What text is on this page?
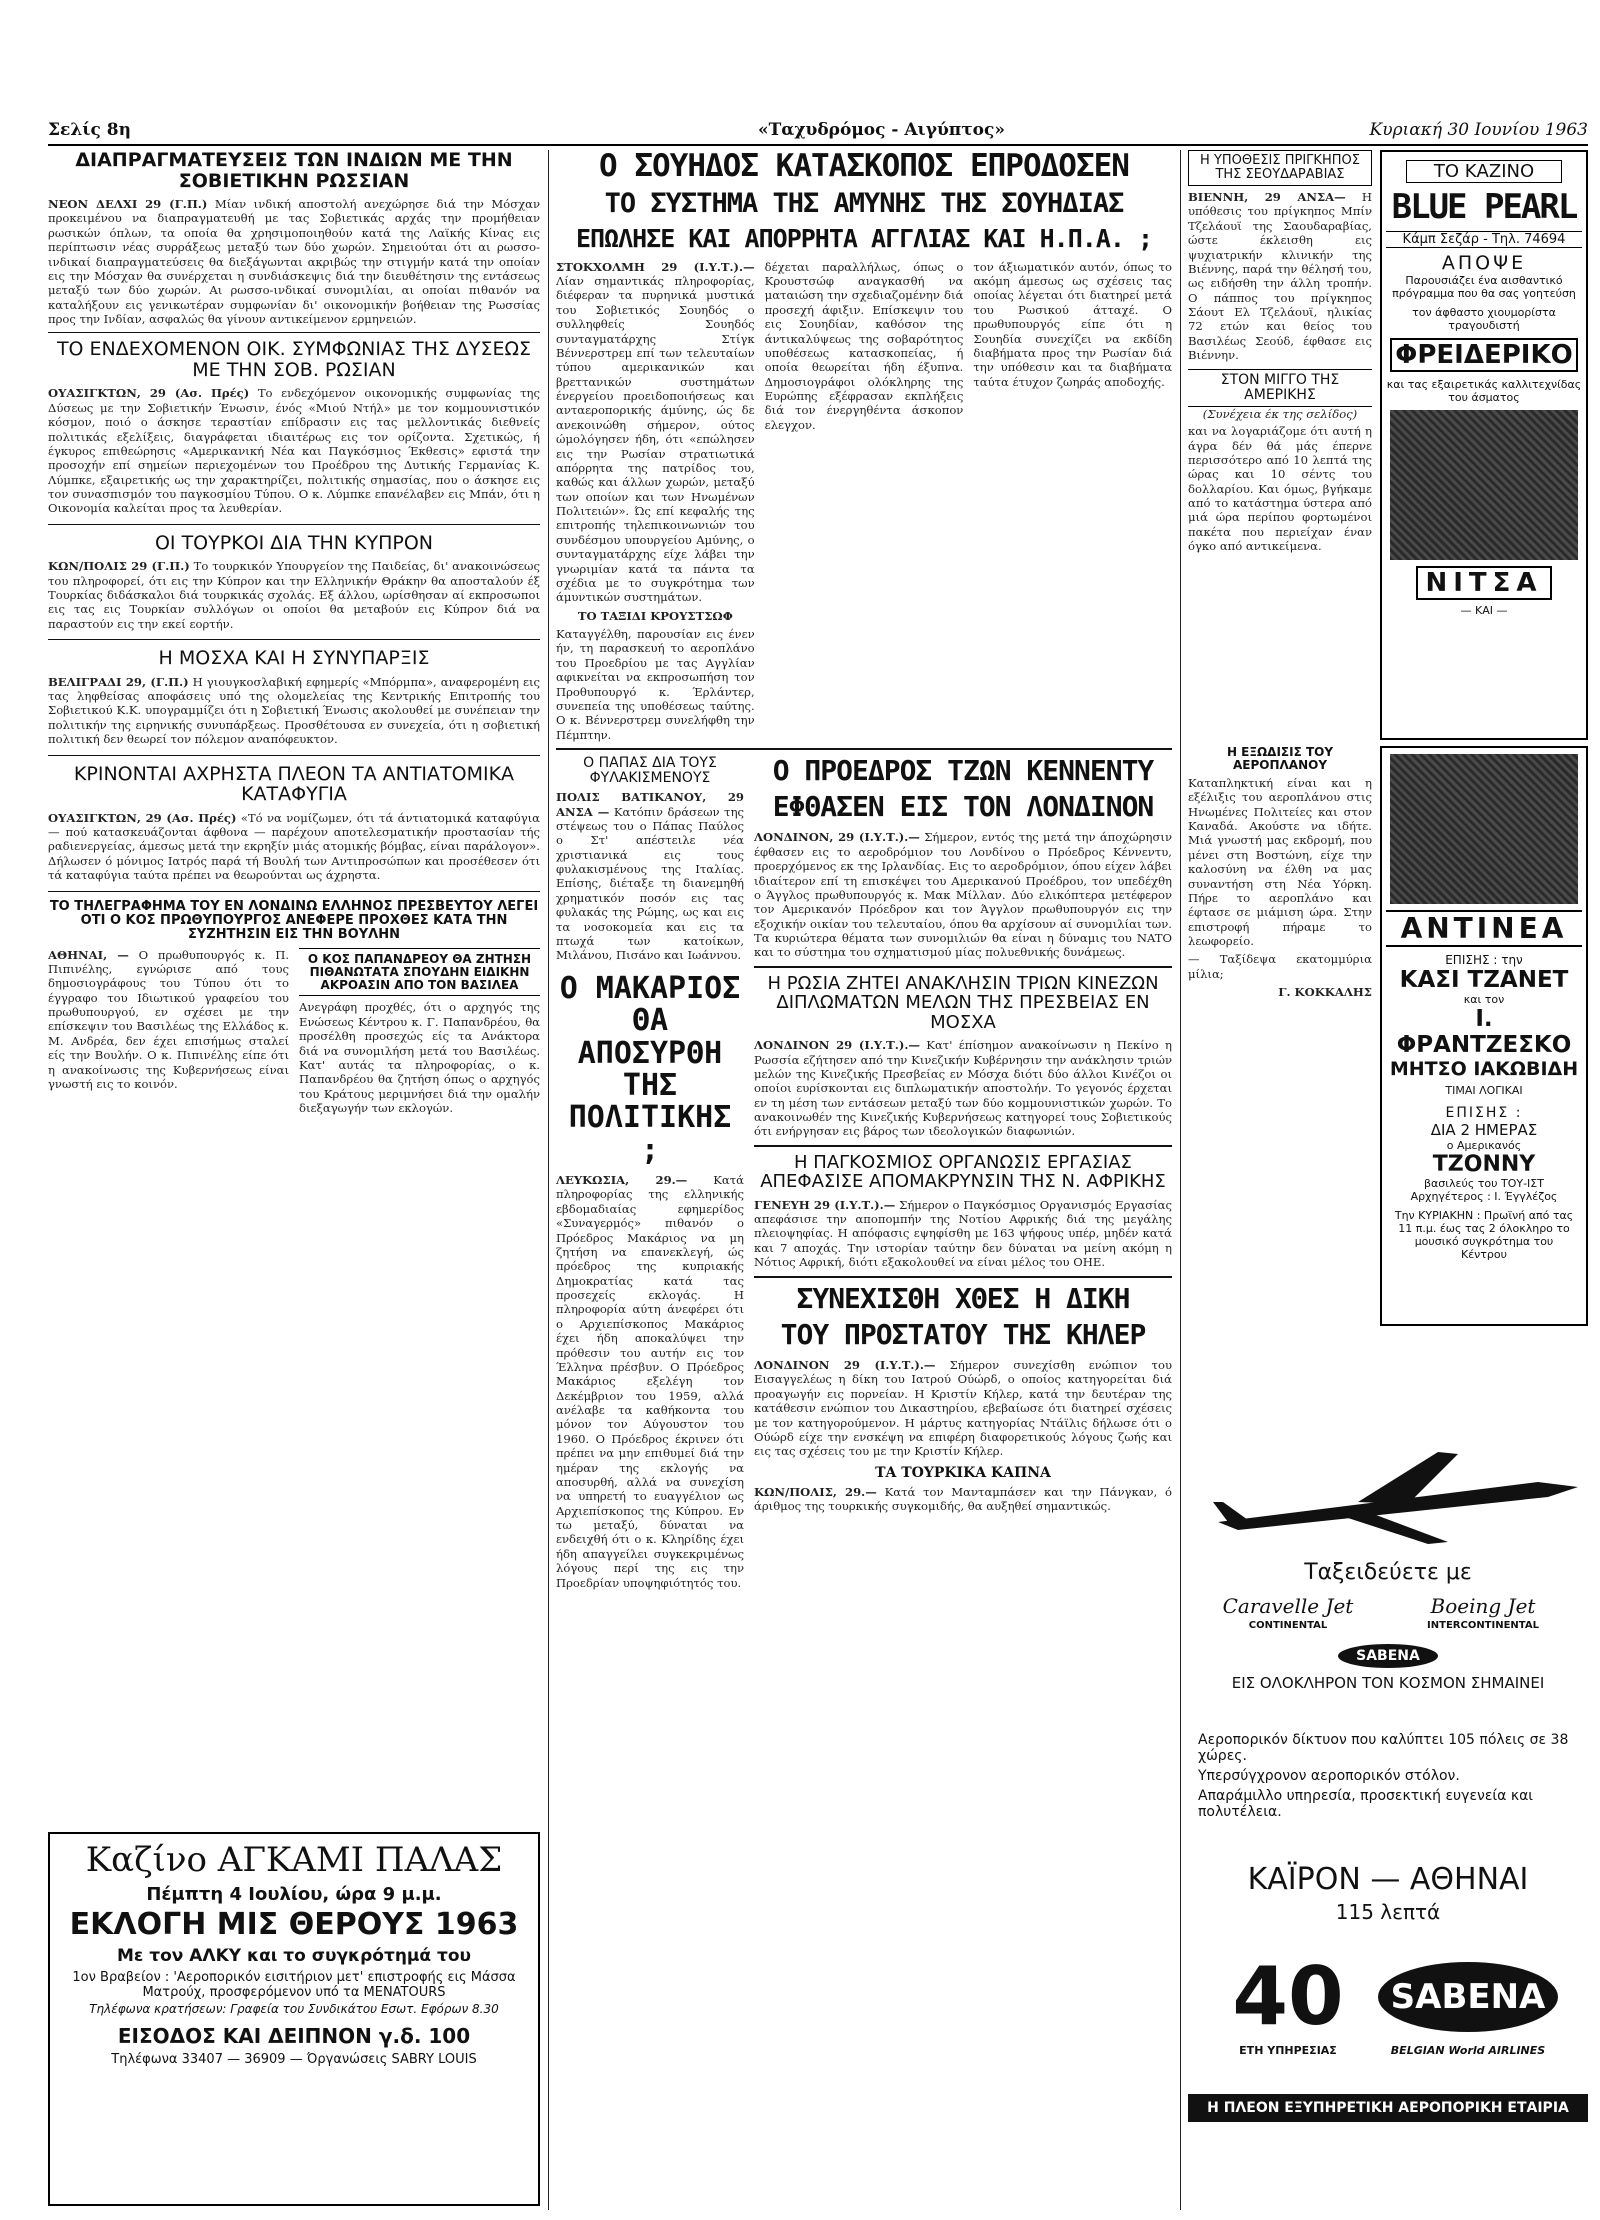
Σελίς 8η	«Ταχυδρόμος - Αιγύπτος»	Κυριακή 30 Ιουνίου 1963
ΔΙΑΠΡΑΓΜΑΤΕΥΣΕΙΣ ΤΩΝ ΙΝΔΙΩΝ ΜΕ ΤΗΝ ΣΟΒΙΕΤΙΚΗΝ ΡΩΣΣΙΑΝ
ΝΕΟΝ ΔΕΛΧΙ 29 (Γ.Π.) Μίαν ινδική αποστολή ανεχώρησε διά την Μόσχαν προκειμένου να διαπραγματευθή με τας Σοβιετικάς αρχάς την προμήθειαν ρωσικών όπλων, τα οποία θα χρησιμοποιηθούν κατά της Λαϊκής Κίνας εις περίπτωσιν νέας συρράξεως μεταξύ των δύο χωρών. Σημειούται ότι αι ρωσσο-ινδικαί διαπραγματεύσεις θα διεξάγωνται ακριβώς την στιγμήν κατά την οποίαν εις την Μόσχαν θα συνέρχεται η συνδιάσκεψις διά την διευθέτησιν της εντάσεως μεταξύ των δύο χωρών. Αι ρωσσο-ινδικαί συνομιλίαι, αι οποίαι πιθανόν να καταλήξουν εις γενικωτέραν συμφωνίαν δι' οικονομικήν βοήθειαν της Ρωσσίας προς την Ινδίαν, ασφαλώς θα γίνουν αντικείμενον ερμηνειών.
ΤΟ ΕΝΔΕΧΟΜΕΝΟΝ ΟΙΚ. ΣΥΜΦΩΝΙΑΣ ΤΗΣ ΔΥΣΕΩΣ ΜΕ ΤΗΝ ΣΟΒ. ΡΩΣΙΑΝ
ΟΥΑΣΙΓΚΤΩΝ, 29 (Ασ. Πρές) Το ενδεχόμενον οικονομικής συμφωνίας της Δύσεως με την Σοβιετικήν Ένωσιν, ένός «Μιού Ντήλ» με τον κομμουνιστικόν κόσμον, ποιό ο άσκησε τεραστίαν επίδρασιν εις τας μελλοντικάς διεθνείς πολιτικάς εξελίξεις, διαγράφεται ιδιαιτέρως εις τον ορίζοντα. Σχετικώς, ή έγκυρος επιθεώρησις «Αμερικανική Νέα και Παγκόσμιος Έκθεσις» εφιστά την προσοχήν επί σημείων περιεχομένων του Προέδρου της Δυτικής Γερμανίας Κ. Λύμπκε, εξαιρετικής ως την χαρακτηρίζει, πολιτικής σημασίας, που ο άσκησε εις τον συνασπισμόν του παγκοσμίου Τύπου. Ο κ. Λύμπκε επανέλαβεν εις Μπάν, ότι η Οικονομία καλείται προς τα λευθερίαν.
ΟΙ ΤΟΥΡΚΟΙ ΔΙΑ ΤΗΝ ΚΥΠΡΟΝ
ΚΩΝ/ΠΟΛΙΣ 29 (Γ.Π.) Το τουρκικόν Υπουργείον της Παιδείας, δι' ανακοινώσεως του πληροφορεί, ότι εις την Κύπρον και την Ελληνικήν Θράκην θα αποσταλούν έξ Τουρκίας διδάσκαλοι διά τουρκικάς σχολάς. Εξ άλλου, ωρίσθησαν αί εκπροσωποι εις τας εις Τουρκίαν συλλόγων οι οποίοι θα μεταβούν εις Κύπρον διά να παραστούν εις την εκεί εορτήν.
Η ΜΟΣΧΑ ΚΑΙ Η ΣΥΝΥΠΑΡΞΙΣ
ΒΕΛΙΓΡΑΔΙ 29, (Γ.Π.) Η γιουγκοσλαβική εφημερίς «Μπόρμπα», αναφερομένη εις τας ληφθείσας αποφάσεις υπό της ολομελείας της Κεντρικής Επιτροπής του Σοβιετικού Κ.Κ. υπογραμμίζει ότι η Σοβιετική Ένωσις ακολουθεί με συνέπειαν την πολιτικήν της ειρηνικής συνυπάρξεως. Προσθέτουσα εν συνεχεία, ότι η σοβιετική πολιτική δεν θεωρεί τον πόλεμον αναπόφευκτον.
ΚΡΙΝΟΝΤΑΙ ΑΧΡΗΣΤΑ ΠΛΕΟΝ ΤΑ ΑΝΤΙΑΤΟΜΙΚΑ ΚΑΤΑΦΥΓΙΑ
ΟΥΑΣΙΓΚΤΩΝ, 29 (Ασ. Πρές) «Τό να νομίζωμεν, ότι τά άντιατομικά καταφύγια — πού κατασκευάζονται άφθονα — παρέχουν αποτελεσματικήν προστασίαν τής ραδιενεργείας, άμεσως μετά την εκρηξίν μιάς ατομικής βόμβας, είναι παράλογον». Δήλωσεν ό μόνιμος Ιατρός παρά τή Βουλή των Αντιπροσώπων και προσέθεσεν ότι τά καταφύγια ταύτα πρέπει να θεωρούνται ως άχρηστα.
ΤΟ ΤΗΛΕΓΡΑΦΗΜΑ ΤΟΥ ΕΝ ΛΟΝΔΙΝΩ ΕΛΛΗΝΟΣ ΠΡΕΣΒΕΥΤΟΥ ΛΕΓΕΙ ΟΤΙ Ο ΚΟΣ ΠΡΩΘΥΠΟΥΡΓΟΣ ΑΝΕΦΕΡΕ ΠΡΟΧΘΕΣ ΚΑΤΑ ΤΗΝ ΣΥΖΗΤΗΣΙΝ ΕΙΣ ΤΗΝ ΒΟΥΛΗΝ
ΑΘΗΝΑΙ, — Ο πρωθυπουργός κ. Π. Πιπινέλης, εγνώρισε από τους δημοσιογράφους του Τύπου ότι το έγγραφο του Ιδιωτικού γραφείου του πρωθυπουργού, εν σχέσει με την επίσκεψιν του Βασιλέως της Ελλάδος κ. Μ. Ανδρέα, δεν έχει επισήμως σταλεί είς την Βουλήν. Ο κ. Πιπινέλης είπε ότι η ανακοίνωσις της Κυβερνήσεως είναι γνωστή εις το κοινόν.
Ο ΚΟΣ ΠΑΠΑΝΔΡΕΟΥ ΘΑ ΖΗΤΗΣΗ ΠΙΘΑΝΩΤΑΤΑ ΣΠΟΥΔΗΝ ΕΙΔΙΚΗΝ ΑΚΡΟΑΣΙΝ ΑΠΟ ΤΟΝ ΒΑΣΙΛΕΑ
Ανεγράφη προχθές, ότι ο αρχηγός της Ενώσεως Κέντρου κ. Γ. Παπανδρέου, θα προσέλθη προσεχώς είς τα Ανάκτορα διά να συνομιλήση μετά του Βασιλέως. Κατ' αυτάς τα πληροφορίας, ο κ. Παπανδρέου θα ζητήση όπως ο αρχηγός του Κράτους μεριμνήσει διά την ομαλήν διεξαγωγήν των εκλογών.
Καζίνο ΑΓΚΑΜΙ ΠΑΛΑΣ
Πέμπτη 4 Ιουλίου, ώρα 9 μ.μ.
ΕΚΛΟΓΗ ΜΙΣ ΘΕΡΟΥΣ 1963
Με τον ΑΛΚΥ και το συγκρότημά του
1ον Βραβείον : 'Αεροπορικόν εισιτήριον μετ' επιστροφής εις Μάσσα Ματρούχ, προσφερόμενον υπό τα MENATOURS
Τηλέφωνα κρατήσεων: Γραφεία του Συνδικάτου Εσωτ. Εφόρων 8.30
ΕΙΣΟΔΟΣ ΚΑΙ ΔΕΙΠΝΟΝ γ.δ. 100
Τηλέφωνα 33407 — 36909 — Όργανώσεις SABRY LOUIS
Ο ΣΟΥΗΔΟΣ ΚΑΤΑΣΚΟΠΟΣ ΕΠΡΟΔΟΣΕΝ
ΤΟ ΣΥΣΤΗΜΑ ΤΗΣ ΑΜΥΝΗΣ ΤΗΣ ΣΟΥΗΔΙΑΣ
ΕΠΩΛΗΣΕ ΚΑΙ ΑΠΟΡΡΗΤΑ ΑΓΓΛΙΑΣ ΚΑΙ Η.Π.Α. ;
ΣΤΟΚΧΟΛΜΗ 29 (Ι.Υ.Τ.).— Λίαν σημαντικάς πληροφορίας, διέφεραν τα πυρηνικά μυστικά του Σοβιετικός Σουηδός ο συλληφθείς Σουηδός συνταγματάρχης Στίγκ Βέννερστρεμ επί των τελευταίων τύπου αμερικανικών και βρεττανικών συστημάτων ένεργείου προειδοποιήσεως και ανταεροπορικής άμύνης, ώς δε ανεκοινώθη σήμερον, ούτος ώμολόγησεν ήδη, ότι «επώλησεν εις την Ρωσίαν στρατιωτικά απόρρητα της πατρίδος του, καθώς και άλλων χωρών, μεταξύ των οποίων και των Ηνωμένων Πολιτειών». Ώς επί κεφαλής της επιτροπής τηλεπικοινωνιών του συνδέσμου υπουργείου Αμύνης, ο συνταγματάρχης είχε λάβει την γνωριμίαν κατά τα πάντα τα σχέδια με το συγκρότημα των άμυντικών συστημάτων.
ΤΟ ΤΑΞΙΔΙ ΚΡΟΥΣΤΣΩΦ
Καταγγέλθη, παρουσίαν εις ένεν ήν, τη παρασκευή το αεροπλάνο του Προεδρίου με τας Αγγλίαν αφικνείται να εκπροσωπήση τον Προθυπουργό κ. Έρλάντερ, συνεπεία της υποθέσεως ταύτης. Ο κ. Βέννερστρεμ συνελήφθη την Πέμπτην.
δέχεται παραλλήλως, όπως ο Κρουστσώφ αναγκασθή να ματαιώση την σχεδιαζομένην διά προσεχή άφιξιν. Επίσκεψιν του εις Σουηδίαν, καθόσον της άντικαλύψεως της σοβαρότητος υποθέσεως κατασκοπείας, ή οποία θεωρείται ήδη έξυπνα. Δημοσιογράφοι ολόκληρης της Ευρώπης εξέφρασαν εκπλήξεις διά τον ένεργηθέντα άσκοπον ελεγχον.
τον άξιωματικόν αυτόν, όπως το ακόμη άμεσως ως σχέσεις τας οποίας λέγεται ότι διατηρεί μετά του Ρωσικού άτταχέ. Ο πρωθυπουργός είπε ότι η Σουηδία συνεχίζει να εκδίδη διαβήματα προς την Ρωσίαν διά την υπόθεσιν και τα διαβήματα ταύτα έτυχον ζωηράς αποδοχής.
Ο ΠΑΠΑΣ ΔΙΑ ΤΟΥΣ ΦΥΛΑΚΙΣΜΕΝΟΥΣ
ΠΟΛΙΣ ΒΑΤΙΚΑΝΟΥ, 29 ΑΝΣΑ — Κατόπιν δράσεων της στέψεως του ο Πάπας Παύλος ο Στ' απέστειλε νέα χριστιανικά εις τους φυλακισμένους της Ιταλίας. Επίσης, διέταξε τη διανεμηθή χρηματικόν ποσόν εις τας φυλακάς της Ρώμης, ως και εις τα νοσοκομεία και εις τα πτωχά των κατοίκων, Μιλάνου, Πισάνο και Ιωάννου.
Ο ΜΑΚΑΡΙΟΣ ΘΑ ΑΠΟΣΥΡΘΗ ΤΗΣ ΠΟΛΙΤΙΚΗΣ ;
ΛΕΥΚΩΣΙΑ, 29.— Κατά πληροφορίας της ελληνικής εβδομαδιαίας εφημερίδος «Συναγερμός» πιθανόν ο Πρόεδρος Μακάριος να μη ζητήση να επανεκλεγή, ώς πρόεδρος της κυπριακής Δημοκρατίας κατά τας προσεχείς εκλογάς. Η πληροφορία αύτη άνεφέρει ότι ο Αρχιεπίσκοπος Μακάριος έχει ήδη αποκαλύψει την πρόθεσιν του αυτήν εις τον Έλληνα πρέσβυν. Ο Πρόεδρος Μακάριος εξελέγη τον Δεκέμβριον του 1959, αλλά ανέλαβε τα καθήκοντα του μόνον τον Αύγουστον του 1960. Ο Πρόεδρος έκρινεν ότι πρέπει να μην επιθυμεί διά την ημέραν της εκλογής να αποσυρθή, αλλά να συνεχίση να υπηρετή το ευαγγέλιον ως Αρχιεπίσκοπος της Κύπρου. Εν τω μεταξύ, δύναται να ενδειχθή ότι ο κ. Κληρίδης έχει ήδη απαγγείλει συγκεκριμένως λόγους περί της εις την Προεδρίαν υποψηφιότητός του.
Ο ΠΡΟΕΔΡΟΣ ΤΖΩΝ ΚΕΝΝΕΝΤΥ
ΕΦΘΑΣΕΝ ΕΙΣ ΤΟΝ ΛΟΝΔΙΝΟΝ
ΛΟΝΔΙΝΟΝ, 29 (Ι.Υ.Τ.).— Σήμερον, εντός της μετά την άποχώρησιν έφθασεν εις το αεροδρόμιον του Λονδίνου ο Πρόεδρος Κέννεντυ, προερχόμενος εκ της Ιρλανδίας. Εις το αεροδρόμιον, όπου είχεν λάβει ιδιαίτερον επί τη επισκέψει του Αμερικανού Προέδρου, τον υπεδέχθη ο Άγγλος πρωθυπουργός κ. Μακ Μίλλαν. Δύο ελικόπτερα μετέφερον τον Αμερικανόν Πρόεδρον και τον Άγγλον πρωθυπουργόν εις την εξοχικήν οικίαν του τελευταίου, όπου θα αρχίσουν αί συνομιλίαι των. Τα κυριώτερα θέματα των συνομιλιών θα είναι η δύναμις του NATO και το σύστημα του σχηματισμού μίας πολυεθνικής δυνάμεως.
Η ΡΩΣΙΑ ΖΗΤΕΙ ΑΝΑΚΛΗΣΙΝ ΤΡΙΩΝ ΚΙΝΕΖΩΝ ΔΙΠΛΩΜΑΤΩΝ ΜΕΛΩΝ ΤΗΣ ΠΡΕΣΒΕΙΑΣ ΕΝ ΜΟΣΧΑ
ΛΟΝΔΙΝΟΝ 29 (Ι.Υ.Τ.).— Κατ' έπίσημον ανακοίνωσιν η Πεκίνο η Ρωσσία εζήτησεν από την Κινεζικήν Κυβέρνησιν την ανάκλησιν τριών μελών της Κινεζικής Πρεσβείας εν Μόσχα διότι δύο άλλοι Κινέζοι οι οποίοι ευρίσκονται εις διπλωματικήν αποστολήν. Το γεγονός έρχεται εν τη μέση των εντάσεων μεταξύ των δύο κομμουνιστικών χωρών. Το ανακοινωθέν της Κινεζικής Κυβερνήσεως κατηγορεί τους Σοβιετικούς ότι ενήργησαν εις βάρος των ιδεολογικών διαφωνιών.
Η ΠΑΓΚΟΣΜΙΟΣ ΟΡΓΑΝΩΣΙΣ ΕΡΓΑΣΙΑΣ ΑΠΕΦΑΣΙΣΕ ΑΠΟΜΑΚΡΥΝΣΙΝ ΤΗΣ Ν. ΑΦΡΙΚΗΣ
ΓΕΝΕΥΗ 29 (Ι.Υ.Τ.).— Σήμερον ο Παγκόσμιος Οργανισμός Εργασίας απεφάσισε την αποπομπήν της Νοτίου Αφρικής διά της μεγάλης πλειοψηφίας. Η απόφασις εψηφίσθη με 163 ψήφους υπέρ, μηδέν κατά και 7 αποχάς. Την ιστορίαν ταύτην δεν δύναται να μείνη ακόμη η Νότιος Αφρική, διότι εξακολουθεί να είναι μέλος του ΟΗΕ.
ΣΥΝΕΧΙΣΘΗ ΧΘΕΣ Η ΔΙΚΗ
ΤΟΥ ΠΡΟΣΤΑΤΟΥ ΤΗΣ ΚΗΛΕΡ
ΛΟΝΔΙΝΟΝ 29 (Ι.Υ.Τ.).— Σήμερον συνεχίσθη ενώπιον του Εισαγγελέως η δίκη του Ιατρού Ούώρδ, ο οποίος κατηγορείται διά προαγωγήν εις πορνείαν. Η Κριστίν Κήλερ, κατά την δευτέραν της κατάθεσιν ενώπιον του Δικαστηρίου, εβεβαίωσε ότι διατηρεί σχέσεις με τον κατηγορούμενον. Η μάρτυς κατηγορίας Ντάϊλις δήλωσε ότι ο Ούώρδ είχε την ενσκέψη να επιφέρη διαφορετικούς λόγους ζωής και εις τας σχέσεις του με την Κριστίν Κήλερ.
ΤΑ ΤΟΥΡΚΙΚΑ ΚΑΠΝΑ
ΚΩΝ/ΠΟΛΙΣ, 29.— Κατά τον Μανταμπάσεν και την Πάνγκαν, ό άριθμος της τουρκικής συγκομιδής, θα αυξηθεί σημαντικώς.
Η ΥΠΟΘΕΣΙΣ ΠΡΙΓΚΗΠΟΣ ΤΗΣ ΣΕΟΥΔΑΡΑΒΙΑΣ
ΒΙΕΝΝΗ, 29 ΑΝΣΑ— Η υπόθεσις του πρίγκηπος Μπίν Τζελάουϊ της Σαουδαραβίας, ώστε έκλεισθη εις ψυχιατρικήν κλινικήν της Βιέννης, παρά την θέλησή του, ως ειδήσθη την άλλη τροπήν. Ο πάππος του πρίγκηπος Σάουτ Ελ Τζελάουϊ, ηλικίας 72 ετών και θείος του Βασιλέως Σεούδ, έφθασε εις Βιέννην.
ΣΤΟΝ ΜΙΓΓΟ ΤΗΣ ΑΜΕΡΙΚΗΣ
(Συνέχεια έκ της σελίδος)
και να λογαριάζομε ότι αυτή η άγρα δέν θά μάς έπερνε περισσότερο από 10 λεπτά της ώρας και 10 σέντς του δολλαρίου. Και όμως, βγήκαμε από το κατάστημα ύστερα από μιά ώρα περίπου φορτωμένοι πακέτα που περιείχαν έναν όγκο από αντικείμενα.
ΤΟ ΚΑΖΙΝΟ
BLUE PEARL
Κάμπ Σεζάρ - Τηλ. 74694
ΑΠΟΨΕ
Παρουσιάζει ένα αισθαντικό πρόγραμμα που θα σας γοητεύση
τον άφθαστο χιουμορίστα τραγουδιστή
ΦΡΕΙΔΕΡΙΚΟ
και τας εξαιρετικάς καλλιτεχνίδας του άσματος
ΝΙΤΣΑ
— ΚΑΙ —
Η ΕΞΩΔΙΣΙΣ ΤΟΥ ΑΕΡΟΠΛΑΝΟΥ
Καταπληκτική είναι και η εξέλιξις του αεροπλάνου στις Ηνωμένες Πολιτείες και στον Καναδά. Ακούστε να ιδήτε. Μιά γνωστή μας εκδρομή, που μένει στη Βοστώνη, είχε την καλοσύνη να έλθη να μας συναντήση στη Νέα Υόρκη. Πήρε το αεροπλάνο και έφτασε σε μιάμιση ώρα. Στην επιστροφή πήραμε το λεωφορείο.
— Ταξίδεψα εκατομμύρια μίλια;
Γ. ΚΟΚΚΑΛΗΣ
ΑΝΤΙΝΕΑ
ΕΠΙΣΗΣ : την
ΚΑΣΙ ΤΖΑΝΕΤ
και τον
Ι. ΦΡΑΝΤΖΕΣΚΟ
ΜΗΤΣΟ ΙΑΚΩΒΙΔΗ
ΤΙΜΑΙ ΛΟΓΙΚΑΙ
ΕΠΙΣΗΣ :
ΔΙΑ 2 ΗΜΕΡΑΣ
ο Αμερικανός
ΤΖΟΝΝΥ
βασιλεύς του ΤΟΥ-ΙΣΤ
Αρχηγέτερος : Ι. Έγγλέζος
Την ΚΥΡΙΑΚΗΝ : Πρωϊνή από τας 11 π.μ. έως τας 2 όλοκληρο το μουσικό συγκρότημα του Κέντρου
Ταξειδεύετε με
Caravelle Jet
CONTINENTAL
Boeing Jet
INTERCONTINENTAL
SABENA
ΕΙΣ ΟΛΟΚΛΗΡΟΝ ΤΟΝ ΚΟΣΜΟΝ ΣΗΜΑΙΝΕΙ
Αεροπορικόν δίκτυον που καλύπτει 105 πόλεις σε 38 χώρες.
Υπερσύγχρονον αεροπορικόν στόλον.
Απαράμιλλο υπηρεσία, προσεκτική ευγενεία και πολυτέλεια.
ΚΑΪΡΟΝ — ΑΘΗΝΑΙ
115 λεπτά
40
ΕΤΗ ΥΠΗΡΕΣΙΑΣ
SABENA
BELGIAN World AIRLINES
Η ΠΛΕΟΝ ΕΞΥΠΗΡΕΤΙΚΗ ΑΕΡΟΠΟΡΙΚΗ ΕΤΑΙΡΙΑ
